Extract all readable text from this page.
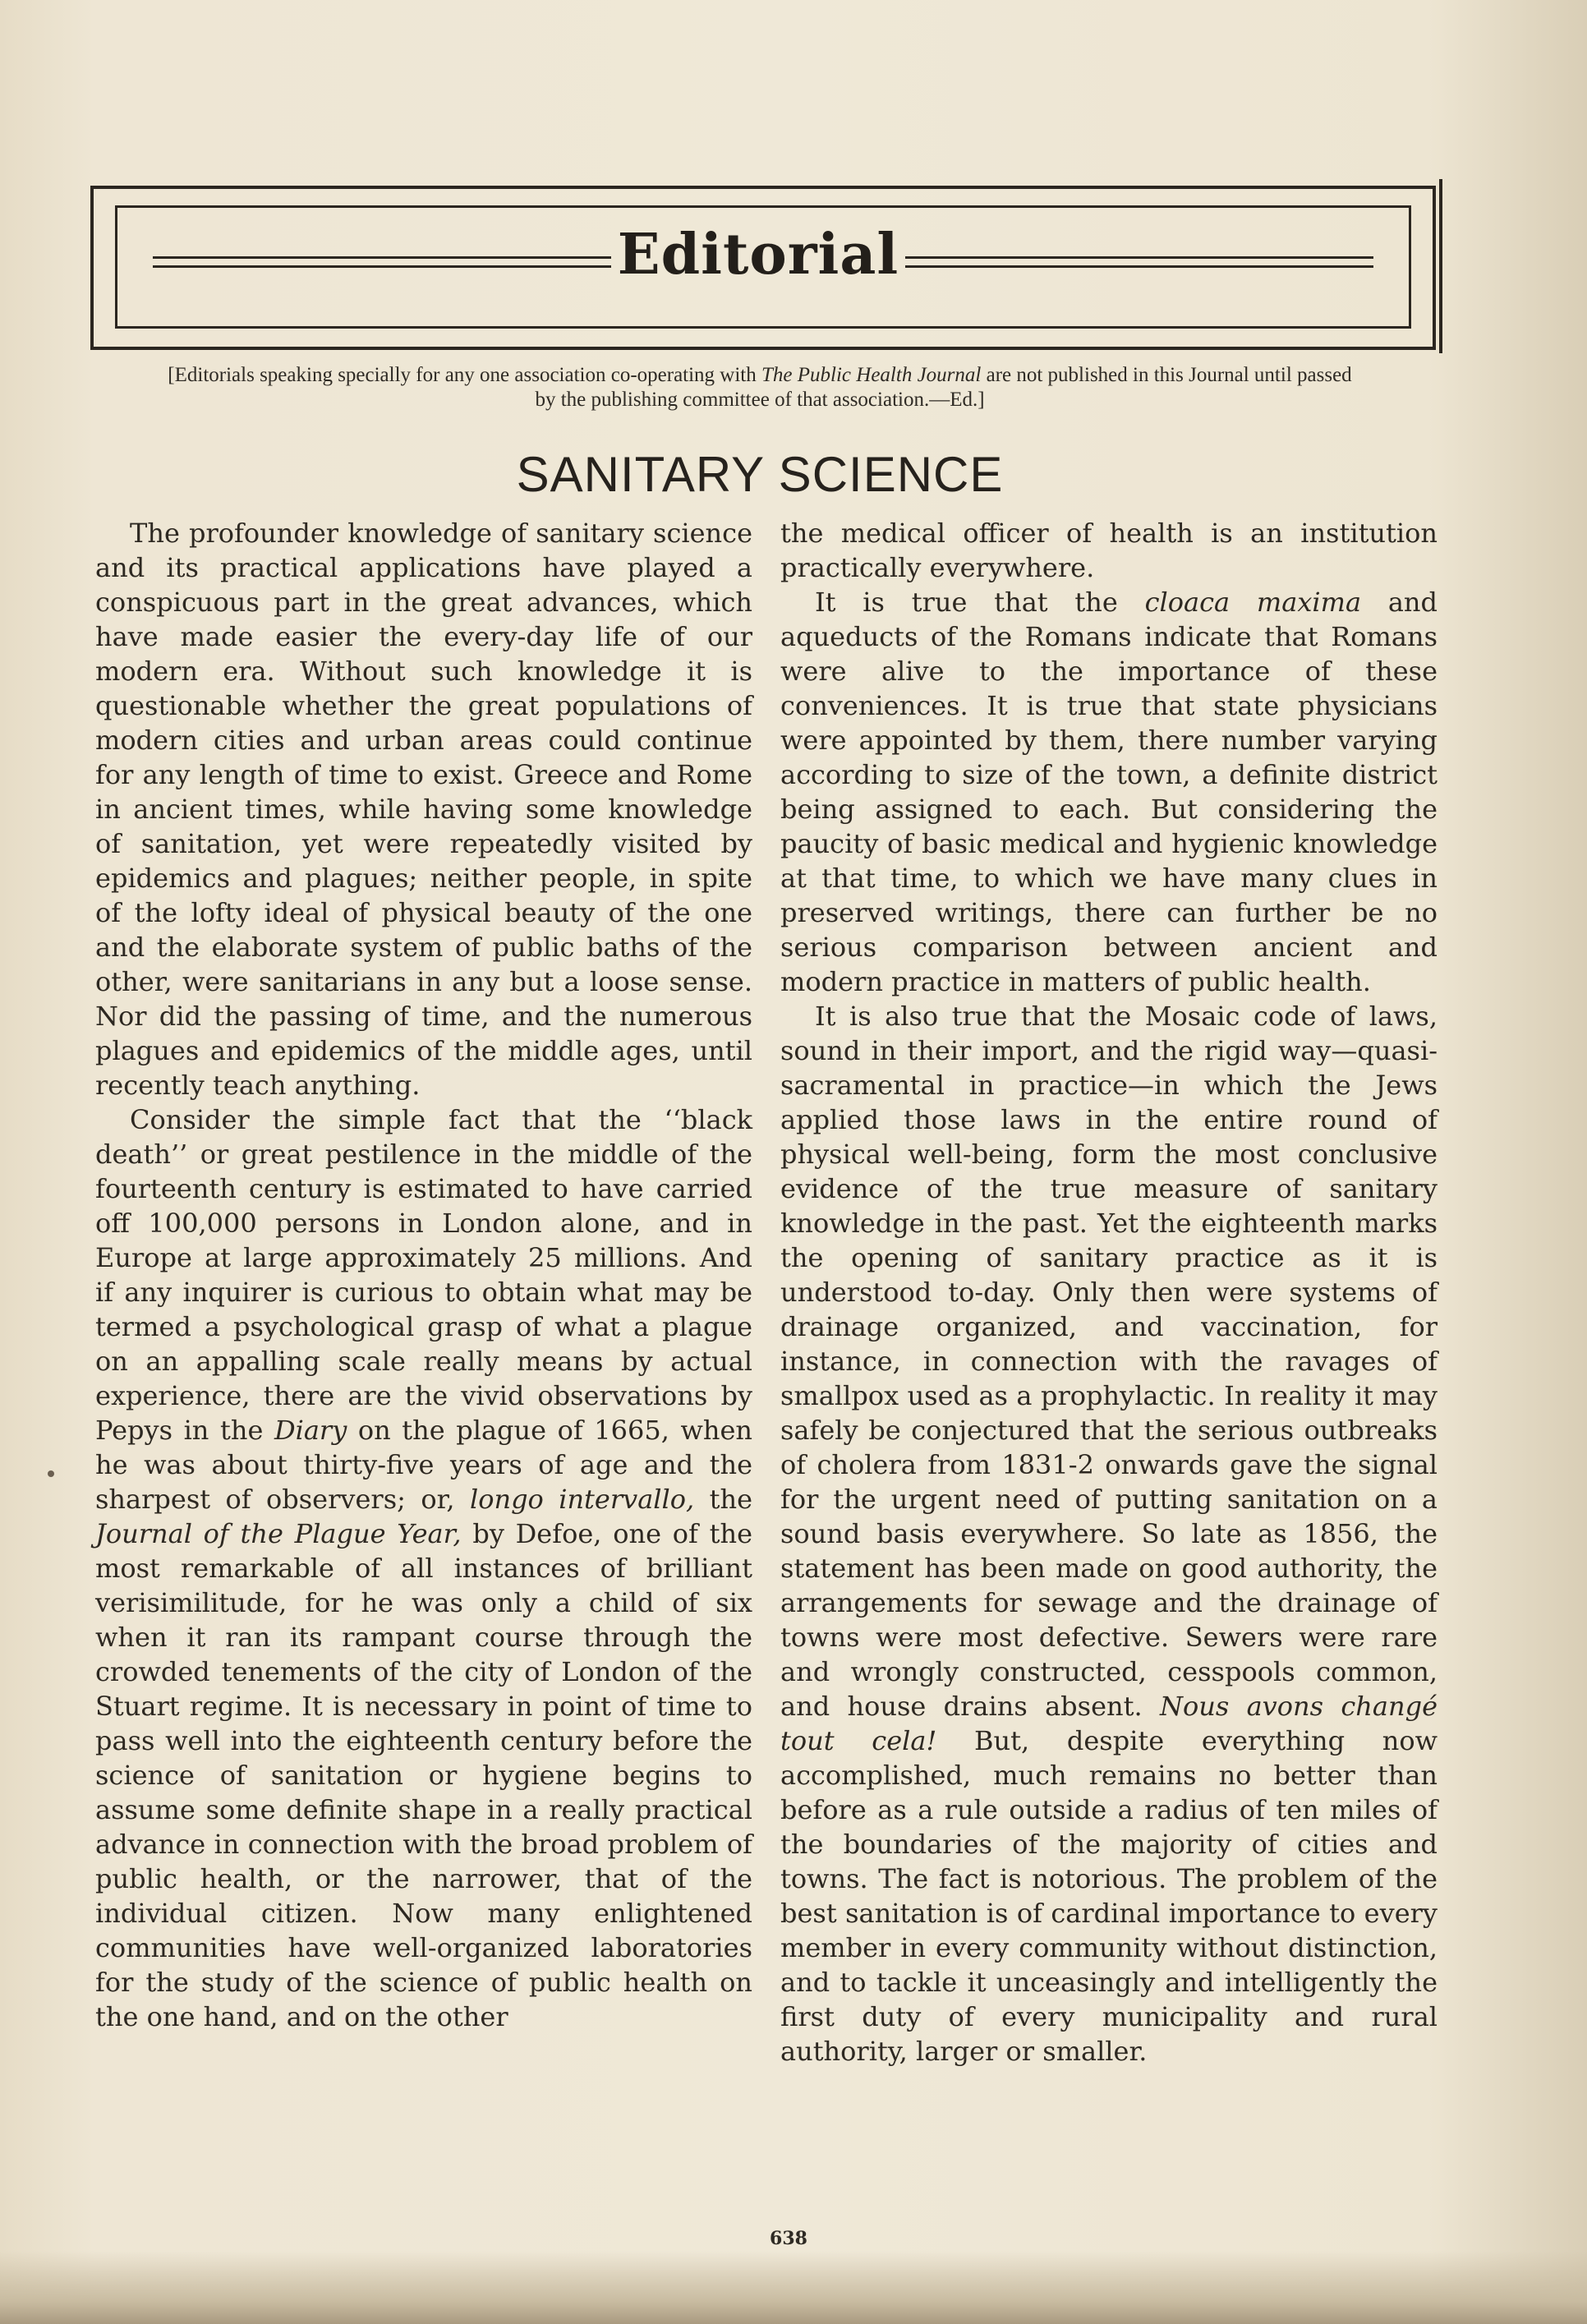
Editorial
[Editorials speaking specially for any one association co-operating with The Public Health Journal are not published in this Journal until passed by the publishing committee of that association.—Ed.]
SANITARY SCIENCE

The profounder knowledge of sanitary science and its practical applications have played a conspicuous part in the great advances, which have made easier the every-day life of our modern era. Without such knowledge it is questionable whether the great populations of modern cities and urban areas could continue for any length of time to exist. Greece and Rome in ancient times, while having some knowledge of sanitation, yet were repeatedly visited by epidemics and plagues; neither people, in spite of the lofty ideal of physical beauty of the one and the elaborate system of public baths of the other, were sanitarians in any but a loose sense. Nor did the passing of time, and the numerous plagues and epidemics of the middle ages, until recently teach anything.

Consider the simple fact that the ‘‘black death’’ or great pestilence in the middle of the fourteenth century is estimated to have carried off 100,000 persons in London alone, and in Europe at large approximately 25 millions. And if any inquirer is curious to obtain what may be termed a psychological grasp of what a plague on an appalling scale really means by actual experience, there are the vivid observations by Pepys in the Diary on the plague of 1665, when he was about thirty-five years of age and the sharpest of observers; or, longo intervallo, the Journal of the Plague Year, by Defoe, one of the most remarkable of all instances of brilliant verisimilitude, for he was only a child of six when it ran its rampant course through the crowded tenements of the city of London of the Stuart regime. It is necessary in point of time to pass well into the eighteenth century before the science of sanitation or hygiene begins to assume some definite shape in a really practical advance in connection with the broad problem of public health, or the narrower, that of the individual citizen. Now many enlightened communities have well-organized laboratories for the study of the science of public health on the one hand, and on the other

the medical officer of health is an institution practically everywhere.

It is true that the cloaca maxima and aqueducts of the Romans indicate that Romans were alive to the importance of these conveniences. It is true that state physicians were appointed by them, there number varying according to size of the town, a definite district being assigned to each. But considering the paucity of basic medical and hygienic knowledge at that time, to which we have many clues in preserved writings, there can further be no serious comparison between ancient and modern practice in matters of public health.

It is also true that the Mosaic code of laws, sound in their import, and the rigid way—quasi-sacramental in practice—in which the Jews applied those laws in the entire round of physical well-being, form the most conclusive evidence of the true measure of sanitary knowledge in the past. Yet the eighteenth marks the opening of sanitary practice as it is understood to-day. Only then were systems of drainage organized, and vaccination, for instance, in connection with the ravages of smallpox used as a prophylactic. In reality it may safely be conjectured that the serious outbreaks of cholera from 1831-2 onwards gave the signal for the urgent need of putting sanitation on a sound basis everywhere. So late as 1856, the statement has been made on good authority, the arrangements for sewage and the drainage of towns were most defective. Sewers were rare and wrongly constructed, cesspools common, and house drains absent. Nous avons changé tout cela! But, despite everything now accomplished, much remains no better than before as a rule outside a radius of ten miles of the boundaries of the majority of cities and towns. The fact is notorious. The problem of the best sanitation is of cardinal importance to every member in every community without distinction, and to tackle it unceasingly and intelligently the first duty of every municipality and rural authority, larger or smaller.

638
